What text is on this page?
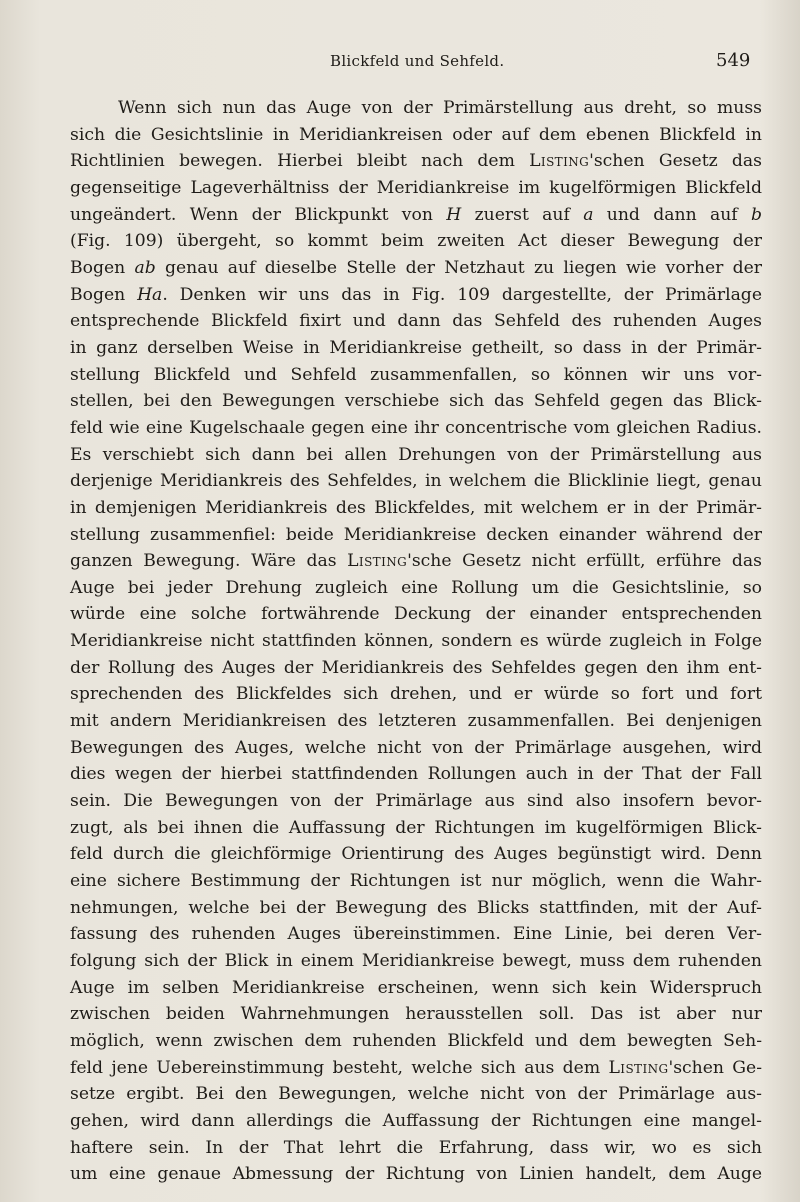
Blickfeld und Sehfeld.	549
Wenn sich nun das Auge von der Primärstellung aus dreht, so muss
sich die Gesichtslinie in Meridiankreisen oder auf dem ebenen Blickfeld in
Richtlinien bewegen. Hierbei bleibt nach dem Listing'schen Gesetz das
gegenseitige Lageverhältniss der Meridiankreise im kugelförmigen Blickfeld
ungeändert. Wenn der Blickpunkt von H zuerst auf a und dann auf b
(Fig. 109) übergeht, so kommt beim zweiten Act dieser Bewegung der
Bogen ab genau auf dieselbe Stelle der Netzhaut zu liegen wie vorher der
Bogen Ha. Denken wir uns das in Fig. 109 dargestellte, der Primärlage
entsprechende Blickfeld fixirt und dann das Sehfeld des ruhenden Auges
in ganz derselben Weise in Meridiankreise getheilt, so dass in der Primär-
stellung Blickfeld und Sehfeld zusammenfallen, so können wir uns vor-
stellen, bei den Bewegungen verschiebe sich das Sehfeld gegen das Blick-
feld wie eine Kugelschaale gegen eine ihr concentrische vom gleichen Radius.
Es verschiebt sich dann bei allen Drehungen von der Primärstellung aus
derjenige Meridiankreis des Sehfeldes, in welchem die Blicklinie liegt, genau
in demjenigen Meridiankreis des Blickfeldes, mit welchem er in der Primär-
stellung zusammenfiel: beide Meridiankreise decken einander während der
ganzen Bewegung. Wäre das Listing'sche Gesetz nicht erfüllt, erführe das
Auge bei jeder Drehung zugleich eine Rollung um die Gesichtslinie, so
würde eine solche fortwährende Deckung der einander entsprechenden
Meridiankreise nicht stattfinden können, sondern es würde zugleich in Folge
der Rollung des Auges der Meridiankreis des Sehfeldes gegen den ihm ent-
sprechenden des Blickfeldes sich drehen, und er würde so fort und fort
mit andern Meridiankreisen des letzteren zusammenfallen. Bei denjenigen
Bewegungen des Auges, welche nicht von der Primärlage ausgehen, wird
dies wegen der hierbei stattfindenden Rollungen auch in der That der Fall
sein. Die Bewegungen von der Primärlage aus sind also insofern bevor-
zugt, als bei ihnen die Auffassung der Richtungen im kugelförmigen Blick-
feld durch die gleichförmige Orientirung des Auges begünstigt wird. Denn
eine sichere Bestimmung der Richtungen ist nur möglich, wenn die Wahr-
nehmungen, welche bei der Bewegung des Blicks stattfinden, mit der Auf-
fassung des ruhenden Auges übereinstimmen. Eine Linie, bei deren Ver-
folgung sich der Blick in einem Meridiankreise bewegt, muss dem ruhenden
Auge im selben Meridiankreise erscheinen, wenn sich kein Widerspruch
zwischen beiden Wahrnehmungen herausstellen soll. Das ist aber nur
möglich, wenn zwischen dem ruhenden Blickfeld und dem bewegten Seh-
feld jene Uebereinstimmung besteht, welche sich aus dem Listing'schen Ge-
setze ergibt. Bei den Bewegungen, welche nicht von der Primärlage aus-
gehen, wird dann allerdings die Auffassung der Richtungen eine mangel-
haftere sein. In der That lehrt die Erfahrung, dass wir, wo es sich
um eine genaue Abmessung der Richtung von Linien handelt, dem Auge
